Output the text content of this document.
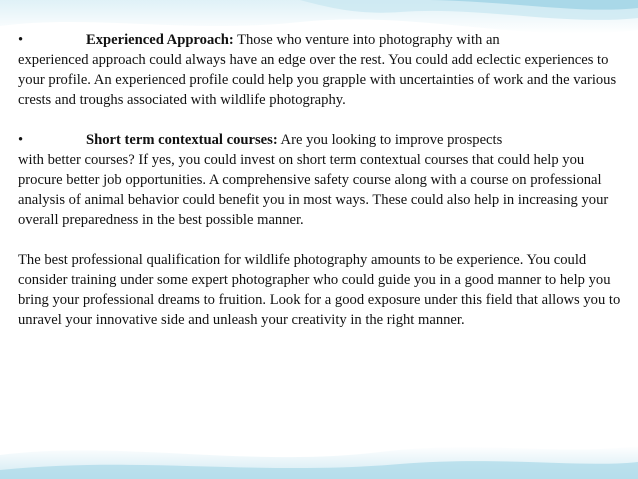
•	Experienced Approach: Those who venture into photography with an
experienced approach could always have an edge over the rest. You could add eclectic experiences to your profile. An experienced profile could help you grapple with uncertainties of work and the various crests and troughs associated with wildlife photography.

•	Short term contextual courses: Are you looking to improve prospects
with better courses? If yes, you could invest on short term contextual courses that could help you procure better job opportunities. A comprehensive safety course along with a course on professional analysis of animal behavior could benefit you in most ways. These could also help in increasing your overall preparedness in the best possible manner.

The best professional qualification for wildlife photography amounts to be experience. You could consider training under some expert photographer who could guide you in a good manner to help you bring your professional dreams to fruition. Look for a good exposure under this field that allows you to unravel your innovative side and unleash your creativity in the right manner.
